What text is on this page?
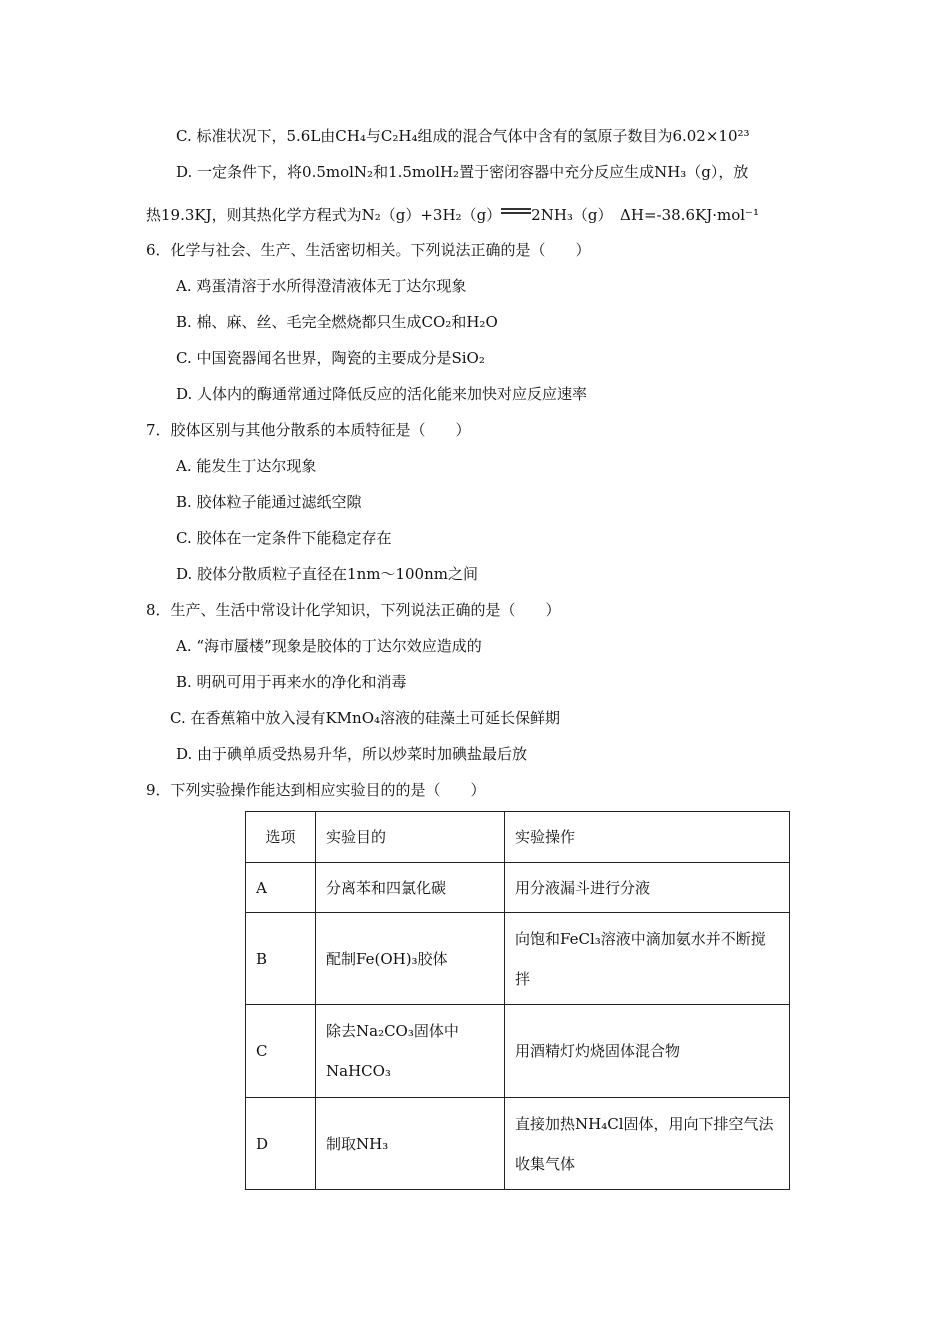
C. 标准状况下，5.6L由CH₄与C₂H₄组成的混合气体中含有的氢原子数目为6.02×10²³
D. 一定条件下，将0.5molN₂和1.5molH₂置于密闭容器中充分反应生成NH₃（g），放
热19.3KJ，则其热化学方程式为N₂（g）+3H₂（g） 2NH₃（g）　ΔH=-38.6KJ·mol⁻¹
6．化学与社会、生产、生活密切相关。下列说法正确的是（　　）
A. 鸡蛋清溶于水所得澄清液体无丁达尔现象
B. 棉、麻、丝、毛完全燃烧都只生成CO₂和H₂O
C. 中国瓷器闻名世界，陶瓷的主要成分是SiO₂
D. 人体内的酶通常通过降低反应的活化能来加快对应反应速率
7．胶体区别与其他分散系的本质特征是（　　）
A. 能发生丁达尔现象
B. 胶体粒子能通过滤纸空隙
C. 胶体在一定条件下能稳定存在
D. 胶体分散质粒子直径在1nm～100nm之间
8．生产、生活中常设计化学知识，下列说法正确的是（　　）
A. “海市蜃楼”现象是胶体的丁达尔效应造成的
B. 明矾可用于再来水的净化和消毒
C. 在香蕉箱中放入浸有KMnO₄溶液的硅藻土可延长保鲜期
D. 由于碘单质受热易升华，所以炒菜时加碘盐最后放
9．下列实验操作能达到相应实验目的的是（　　）
选项	实验目的	实验操作
A	分离苯和四氯化碳	用分液漏斗进行分液
B	配制Fe(OH)₃胶体	向饱和FeCl₃溶液中滴加氨水并不断搅拌
C	除去Na₂CO₃固体中NaHCO₃	用酒精灯灼烧固体混合物
D	制取NH₃	直接加热NH₄Cl固体，用向下排空气法收集气体
